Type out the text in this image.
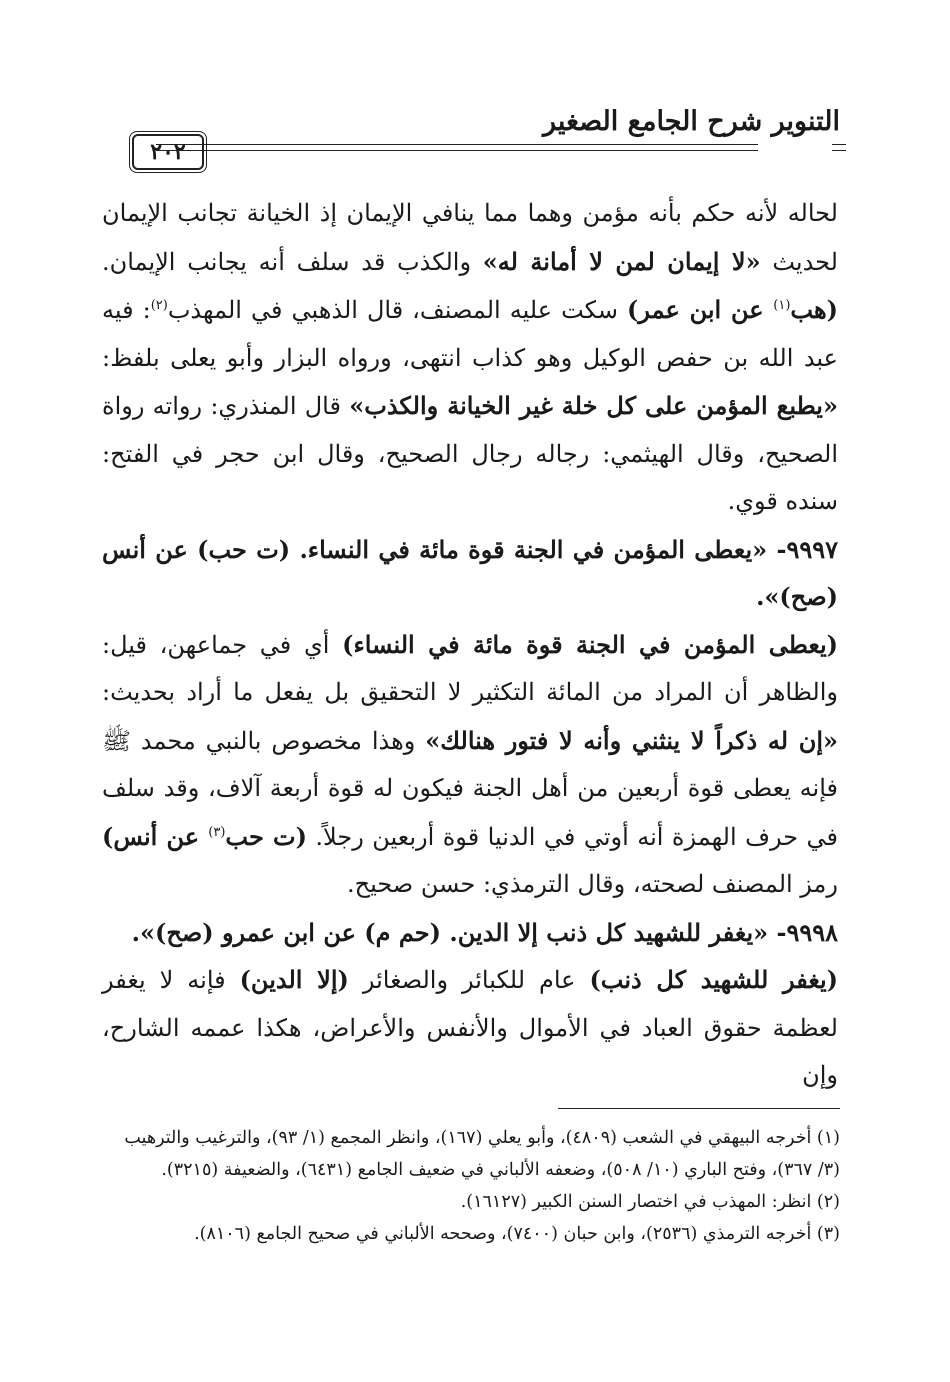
التنوير شرح الجامع الصغير
٢٠٢

لحاله لأنه حكم بأنه مؤمن وهما مما ينافي الإيمان إذ الخيانة تجانب الإيمان لحديث «لا إيمان لمن لا أمانة له» والكذب قد سلف أنه يجانب الإيمان. (هب$^{(١)}$ عن ابن عمر) سكت عليه المصنف، قال الذهبي في المهذب$^{(٢)}$: فيه عبد الله بن حفص الوكيل وهو كذاب انتهى، ورواه البزار وأبو يعلى بلفظ: «يطبع المؤمن على كل خلة غير الخيانة والكذب» قال المنذري: رواته رواة الصحيح، وقال الهيثمي: رجاله رجال الصحيح، وقال ابن حجر في الفتح: سنده قوي.

٩٩٩٧- «يعطى المؤمن في الجنة قوة مائة في النساء. (ت حب) عن أنس (صح)».

(يعطى المؤمن في الجنة قوة مائة في النساء) أي في جماعهن، قيل: والظاهر أن المراد من المائة التكثير لا التحقيق بل يفعل ما أراد بحديث: «إن له ذكراً لا ينثني وأنه لا فتور هنالك» وهذا مخصوص بالنبي محمد ﷺ فإنه يعطى قوة أربعين من أهل الجنة فيكون له قوة أربعة آلاف، وقد سلف في حرف الهمزة أنه أوتي في الدنيا قوة أربعين رجلاً. (ت حب$^{(٣)}$ عن أنس) رمز المصنف لصحته، وقال الترمذي: حسن صحيح.

٩٩٩٨- «يغفر للشهيد كل ذنب إلا الدين. (حم م) عن ابن عمرو (صح)».

(يغفر للشهيد كل ذنب) عام للكبائر والصغائر (إلا الدين) فإنه لا يغفر لعظمة حقوق العباد في الأموال والأنفس والأعراض، هكذا عممه الشارح، وإن

(١) أخرجه البيهقي في الشعب (٤٨٠٩)، وأبو يعلي (١٦٧)، وانظر المجمع (١/ ٩٣)، والترغيب والترهيب (٣/ ٣٦٧)، وفتح الباري (١٠/ ٥٠٨)، وضعفه الألباني في ضعيف الجامع (٦٤٣١)، والضعيفة (٣٢١٥).

(٢) انظر: المهذب في اختصار السنن الكبير (١٦١٢٧).

(٣) أخرجه الترمذي (٢٥٣٦)، وابن حبان (٧٤٠٠)، وصححه الألباني في صحيح الجامع (٨١٠٦).
